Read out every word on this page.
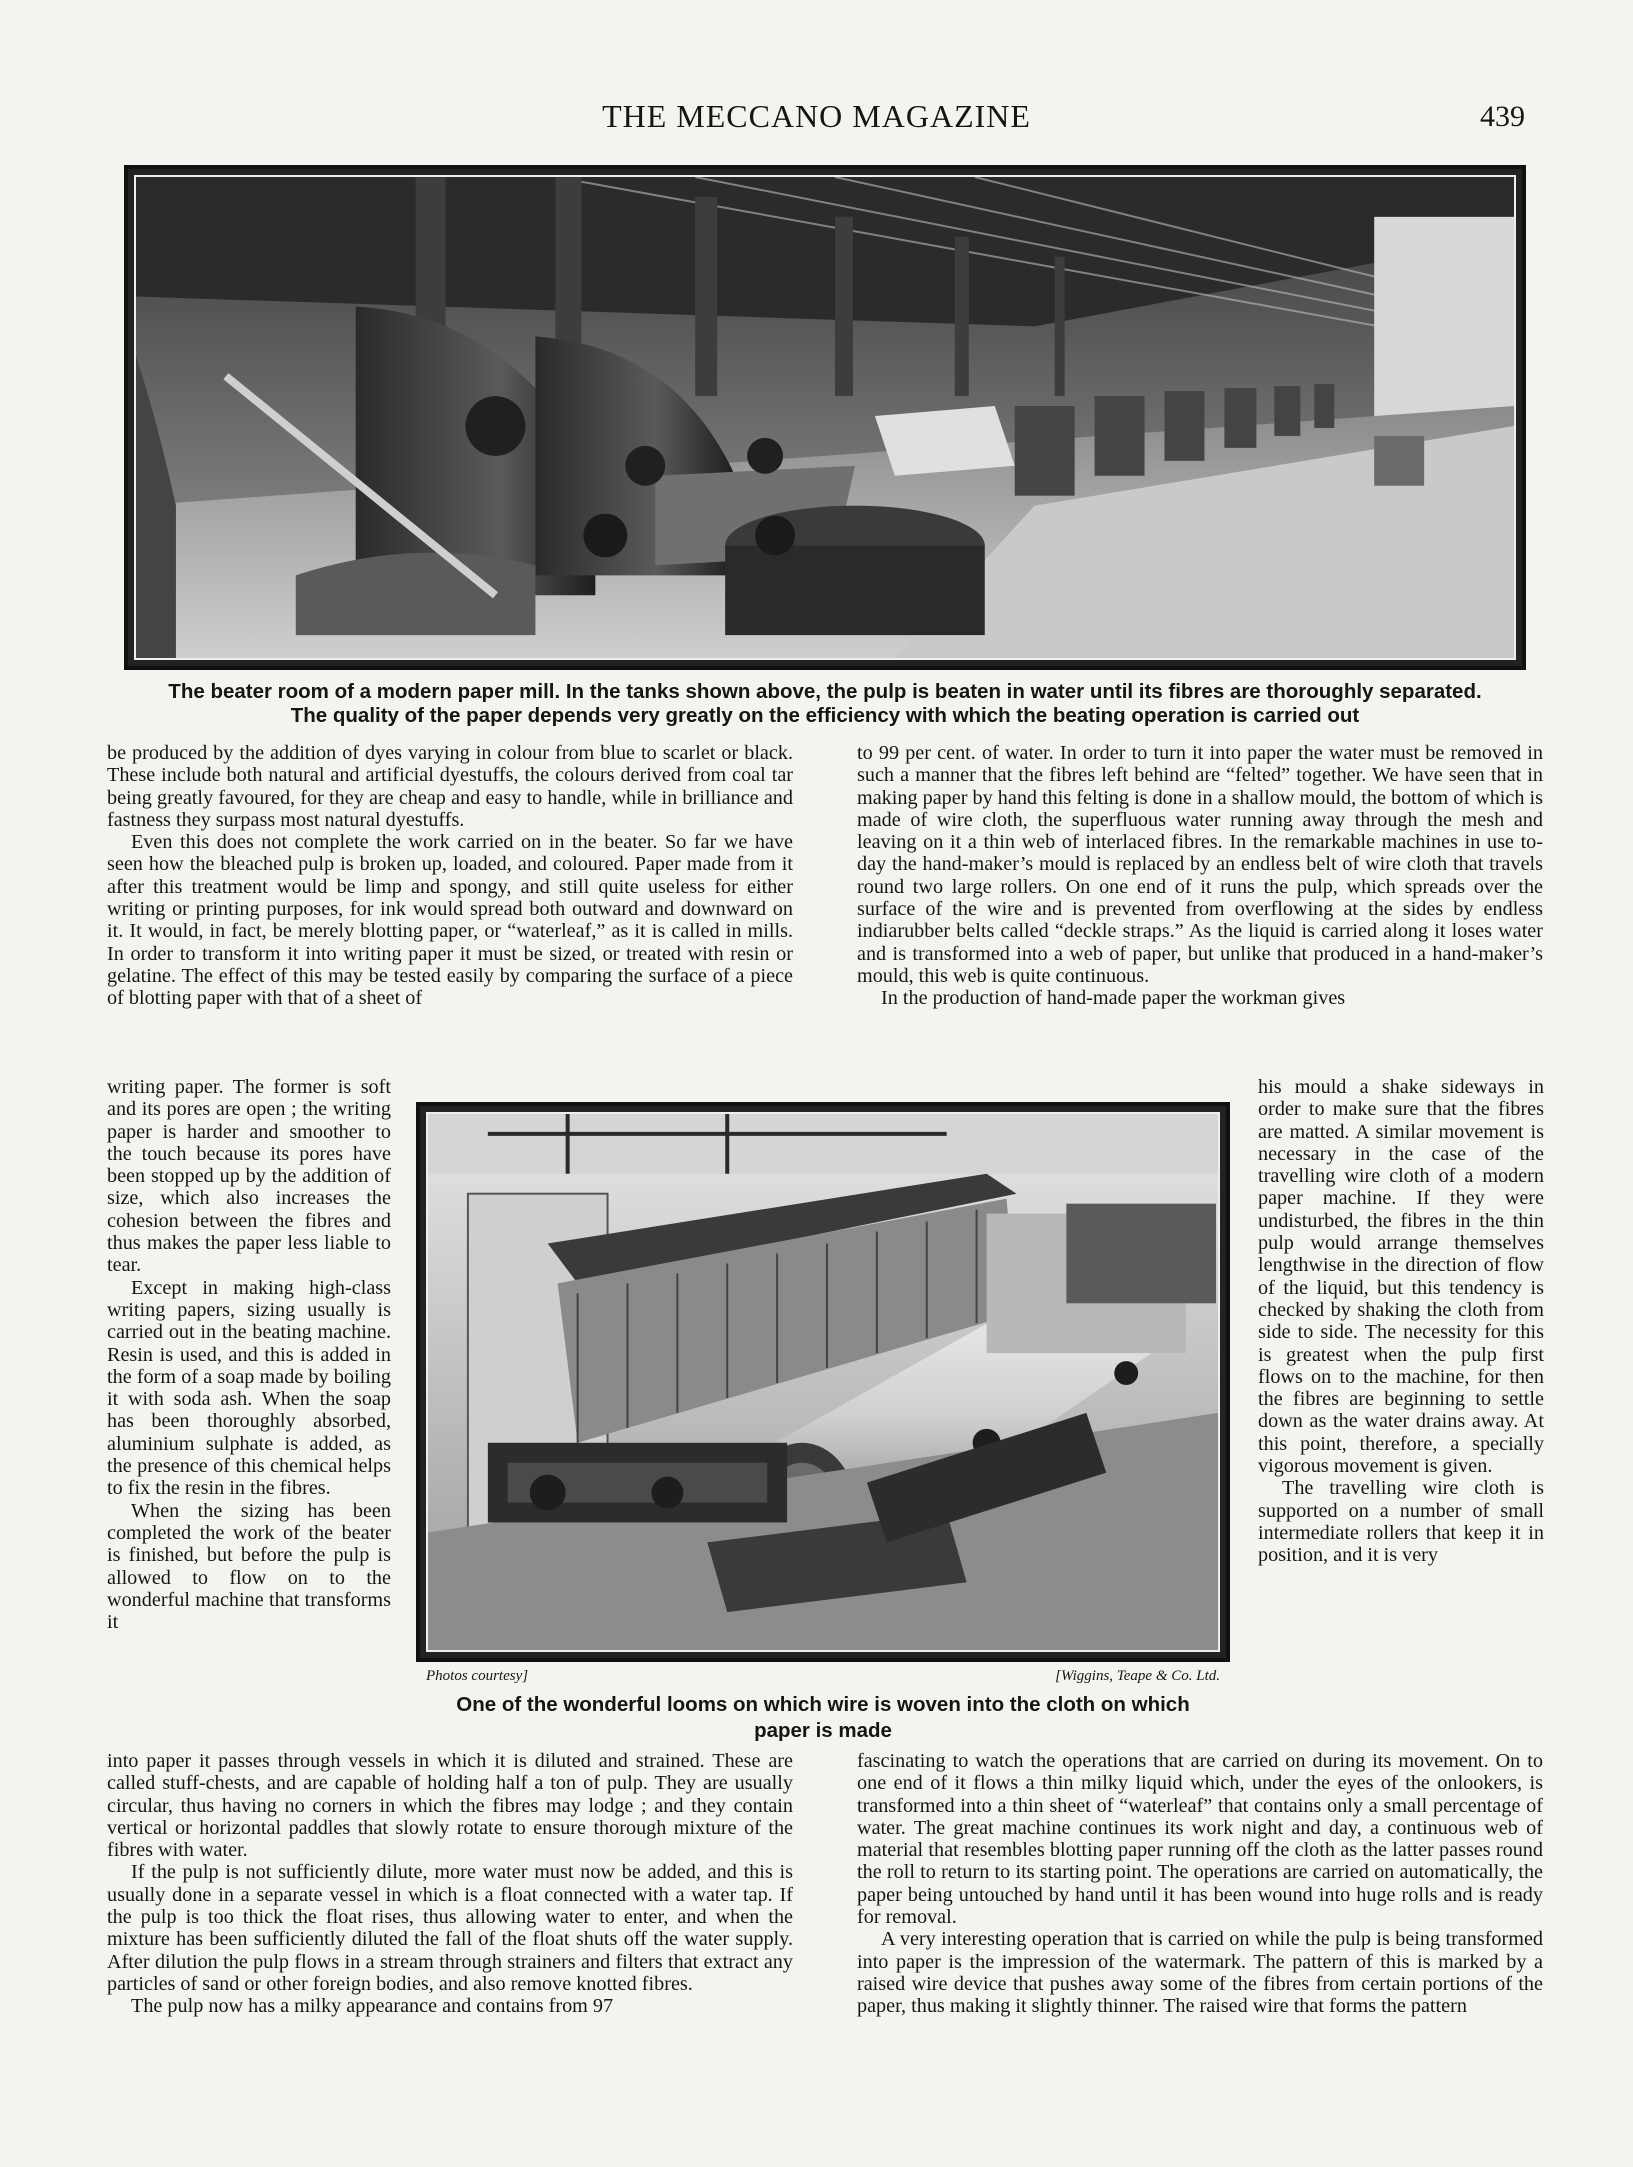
THE MECCANO MAGAZINE	439
The beater room of a modern paper mill. In the tanks shown above, the pulp is beaten in water until its fibres are thoroughly separated.
The quality of the paper depends very greatly on the efficiency with which the beating operation is carried out

be produced by the addition of dyes varying in colour from blue to scarlet or black. These include both natural and artificial dyestuffs, the colours derived from coal tar being greatly favoured, for they are cheap and easy to handle, while in brilliance and fastness they surpass most natural dyestuffs.

Even this does not complete the work carried on in the beater. So far we have seen how the bleached pulp is broken up, loaded, and coloured. Paper made from it after this treatment would be limp and spongy, and still quite useless for either writing or printing purposes, for ink would spread both outward and downward on it. It would, in fact, be merely blotting paper, or “waterleaf,” as it is called in mills. In order to transform it into writing paper it must be sized, or treated with resin or gelatine. The effect of this may be tested easily by comparing the surface of a piece of blotting paper with that of a sheet of

writing paper. The former is soft and its pores are open ; the writing paper is harder and smoother to the touch because its pores have been stopped up by the addition of size, which also increases the cohesion between the fibres and thus makes the paper less liable to tear.

Except in making high-class writing papers, sizing usually is carried out in the beating machine. Resin is used, and this is added in the form of a soap made by boiling it with soda ash. When the soap has been thoroughly absorbed, aluminium sulphate is added, as the presence of this chemical helps to fix the resin in the fibres.

When the sizing has been completed the work of the beater is finished, but before the pulp is allowed to flow on to the wonderful machine that transforms it

into paper it passes through vessels in which it is diluted and strained. These are called stuff-chests, and are capable of holding half a ton of pulp. They are usually circular, thus having no corners in which the fibres may lodge ; and they contain vertical or horizontal paddles that slowly rotate to ensure thorough mixture of the fibres with water.

If the pulp is not sufficiently dilute, more water must now be added, and this is usually done in a separate vessel in which is a float connected with a water tap. If the pulp is too thick the float rises, thus allowing water to enter, and when the mixture has been sufficiently diluted the fall of the float shuts off the water supply. After dilution the pulp flows in a stream through strainers and filters that extract any particles of sand or other foreign bodies, and also remove knotted fibres.

The pulp now has a milky appearance and contains from 97

to 99 per cent. of water. In order to turn it into paper the water must be removed in such a manner that the fibres left behind are “felted” together. We have seen that in making paper by hand this felting is done in a shallow mould, the bottom of which is made of wire cloth, the superfluous water running away through the mesh and leaving on it a thin web of interlaced fibres. In the remarkable machines in use to-day the hand-maker’s mould is replaced by an endless belt of wire cloth that travels round two large rollers. On one end of it runs the pulp, which spreads over the surface of the wire and is prevented from overflowing at the sides by endless indiarubber belts called “deckle straps.” As the liquid is carried along it loses water and is transformed into a web of paper, but unlike that produced in a hand-maker’s mould, this web is quite continuous.

In the production of hand-made paper the workman gives

his mould a shake sideways in order to make sure that the fibres are matted. A similar movement is necessary in the case of the travelling wire cloth of a modern paper machine. If they were undisturbed, the fibres in the thin pulp would arrange themselves lengthwise in the direction of flow of the liquid, but this tendency is checked by shaking the cloth from side to side. The necessity for this is greatest when the pulp first flows on to the machine, for then the fibres are beginning to settle down as the water drains away. At this point, therefore, a specially vigorous movement is given.

The travelling wire cloth is supported on a number of small intermediate rollers that keep it in position, and it is very

fascinating to watch the operations that are carried on during its movement. On to one end of it flows a thin milky liquid which, under the eyes of the onlookers, is transformed into a thin sheet of “waterleaf” that contains only a small percentage of water. The great machine continues its work night and day, a continuous web of material that resembles blotting paper running off the cloth as the latter passes round the roll to return to its starting point. The operations are carried on automatically, the paper being untouched by hand until it has been wound into huge rolls and is ready for removal.

A very interesting operation that is carried on while the pulp is being transformed into paper is the impression of the watermark. The pattern of this is marked by a raised wire device that pushes away some of the fibres from certain portions of the paper, thus making it slightly thinner. The raised wire that forms the pattern

Photos courtesy]	[Wiggins, Teape & Co. Ltd.
One of the wonderful looms on which wire is woven into the cloth on which
paper is made
